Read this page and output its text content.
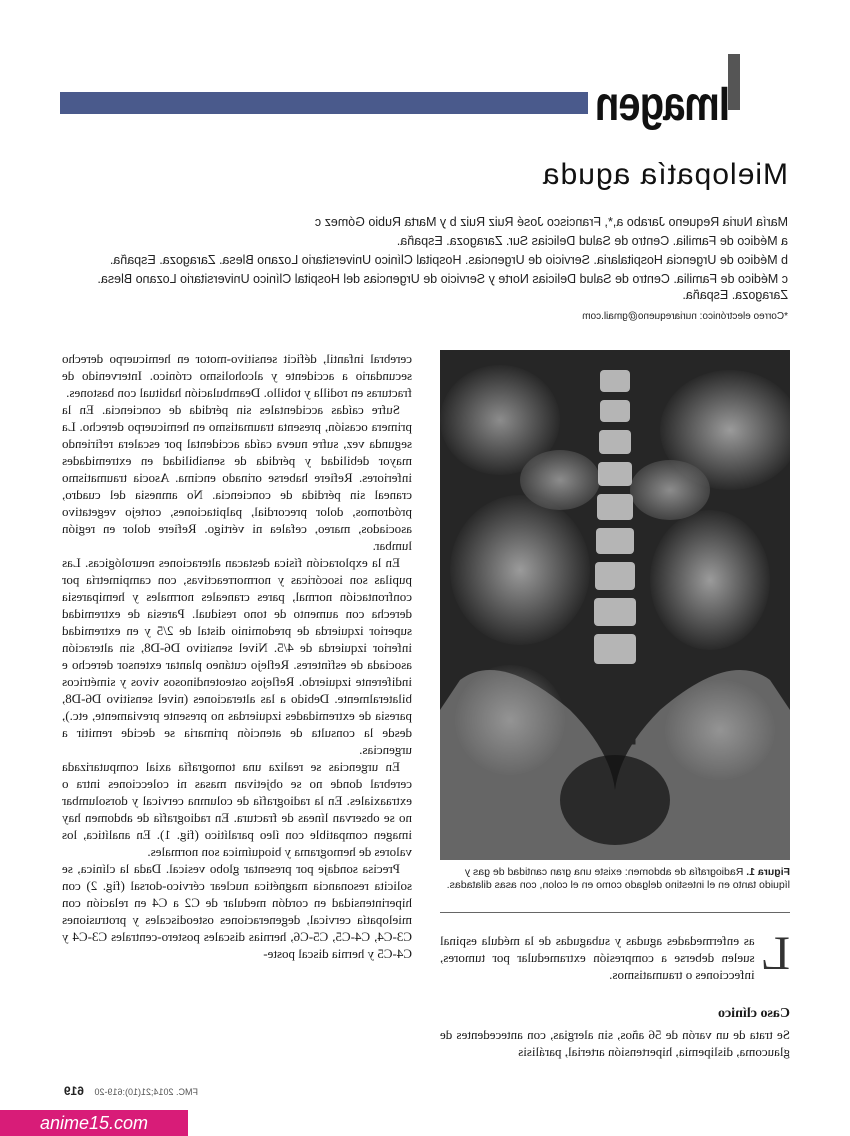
Imagen
Mielopatía aguda

María Nuria Requeno Jarabo a,*, Francisco José Ruiz Ruiz b y Marta Rubio Gómez c

a Médico de Familia. Centro de Salud Delicias Sur. Zaragoza. España.

b Médico de Urgencia Hospitalaria. Servicio de Urgencias. Hospital Clínico Universitario Lozano Blesa. Zaragoza. España.

c Médico de Familia. Centro de Salud Delicias Norte y Servicio de Urgencias del Hospital Clínico Universitario Lozano Blesa. Zaragoza. España.

*Correo electrónico: nuriarequeno@gmail.com

Figura 1. Radiografía de abdomen: existe una gran cantidad de gas y líquido tanto en el intestino delgado como en el colon, con asas dilatadas.
L
as enfermedades agudas y subagudas de la médula espinal suelen deberse a compresión extramedular por tumores, infecciones o traumatismos.
Caso clínico
Se trata de un varón de 56 años, sin alergias, con antecedentes de glaucoma, dislipemia, hipertensión arterial, parálisis

cerebral infantil, déficit sensitivo-motor en hemicuerpo derecho secundario a accidente y alcoholismo crónico. Intervenido de fracturas en rodilla y tobillo. Deambulación habitual con bastones.

Sufre caídas accidentales sin pérdida de conciencia. En la primera ocasión, presenta traumatismo en hemicuerpo derecho. La segunda vez, sufre nueva caída accidental por escalera refiriendo mayor debilidad y pérdida de sensibilidad en extremidades inferiores. Refiere haberse orinado encima. Asocia traumatismo craneal sin pérdida de conciencia. No amnesia del cuadro, pródromos, dolor precordial, palpitaciones, cortejo vegetativo asociados, mareo, cefalea ni vértigo. Refiere dolor en región lumbar.

En la exploración física destacan alteraciones neurológicas. Las pupilas son isocóricas y normorreactivas, con campimetría por confrontación normal, pares craneales normales y hemiparesia derecha con aumento de tono residual. Paresia de extremidad superior izquierda de predominio distal de 2/5 y en extremidad inferior izquierda de 4/5. Nivel sensitivo D6-D8, sin alteración asociada de esfínteres. Reflejo cutáneo plantar extensor derecho e indiferente izquierdo. Reflejos osteotendinosos vivos y simétricos bilateralmente. Debido a las alteraciones (nivel sensitivo D6-D8, paresia de extremidades izquierdas no presente previamente, etc.), desde la consulta de atención primaria se decide remitir a urgencias.

En urgencias se realiza una tomografía axial computarizada cerebral donde no se objetivan masas ni colecciones intra o extraaxiales. En la radiografía de columna cervical y dorsolumbar no se observan líneas de fractura. En radiografía de abdomen hay imagen compatible con íleo paralítico (fig. 1). En analítica, los valores de hemograma y bioquímica son normales.

Precisa sondaje por presentar globo vesical. Dada la clínica, se solicita resonancia magnética nuclear cérvico-dorsal (fig. 2) con hiperintensidad en cordón medular de C2 a C4 en relación con mielopatía cervical, degeneraciones osteodiscales y protrusiones C3-C4, C4-C5, C5-C6, hernias discales postero-centrales C3-C4 y C4-C5 y hernia discal poste-

FMC. 2014;21(10):619-20 619
anime15.com
